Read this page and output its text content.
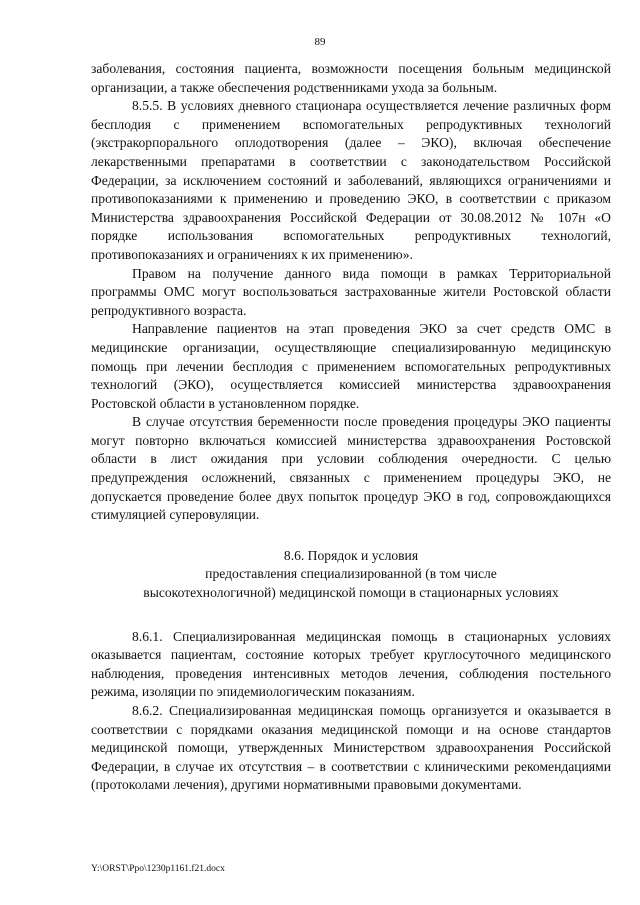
89

заболевания, состояния пациента, возможности посещения больным медицинской организации, а также обеспечения родственниками ухода за больным.

8.5.5. В условиях дневного стационара осуществляется лечение различных форм бесплодия с применением вспомогательных репродуктивных технологий (экстракорпорального оплодотворения (далее – ЭКО), включая обеспечение лекарственными препаратами в соответствии с законодательством Российской Федерации, за исключением состояний и заболеваний, являющихся ограничениями и противопоказаниями к применению и проведению ЭКО, в соответствии с приказом Министерства здравоохранения Российской Федерации от 30.08.2012 № 107н «О порядке использования вспомогательных репродуктивных технологий, противопоказаниях и ограничениях к их применению».

Правом на получение данного вида помощи в рамках Территориальной программы ОМС могут воспользоваться застрахованные жители Ростовской области репродуктивного возраста.

Направление пациентов на этап проведения ЭКО за счет средств ОМС в медицинские организации, осуществляющие специализированную медицинскую помощь при лечении бесплодия с применением вспомогательных репродуктивных технологий (ЭКО), осуществляется комиссией министерства здравоохранения Ростовской области в установленном порядке.

В случае отсутствия беременности после проведения процедуры ЭКО пациенты могут повторно включаться комиссией министерства здравоохранения Ростовской области в лист ожидания при условии соблюдения очередности. С целью предупреждения осложнений, связанных с применением процедуры ЭКО, не допускается проведение более двух попыток процедур ЭКО в год, сопровождающихся стимуляцией суперовуляции.

8.6. Порядок и условия
предоставления специализированной (в том числе
высокотехнологичной) медицинской помощи в стационарных условиях

8.6.1. Специализированная медицинская помощь в стационарных условиях оказывается пациентам, состояние которых требует круглосуточного медицинского наблюдения, проведения интенсивных методов лечения, соблюдения постельного режима, изоляции по эпидемиологическим показаниям.

8.6.2. Специализированная медицинская помощь организуется и оказывается в соответствии с порядками оказания медицинской помощи и на основе стандартов медицинской помощи, утвержденных Министерством здравоохранения Российской Федерации, в случае их отсутствия – в соответствии с клиническими рекомендациями (протоколами лечения), другими нормативными правовыми документами.

Y:\ORST\Ppo\1230p1161.f21.docx
